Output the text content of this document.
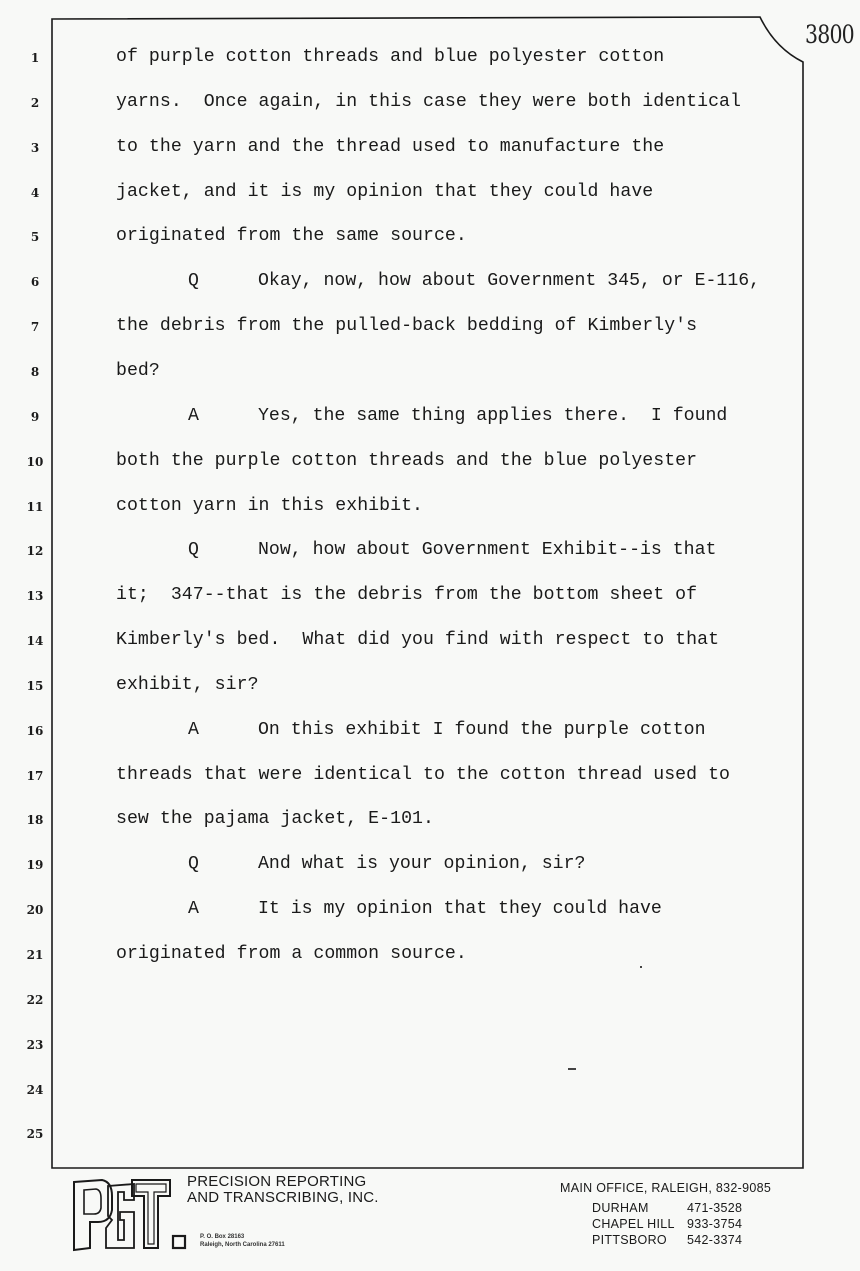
3800
1	of purple cotton threads and blue polyester cotton
2	yarns.  Once again, in this case they were both identical
3	to the yarn and the thread used to manufacture the
4	jacket, and it is my opinion that they could have
5	originated from the same source.
6	Q	Okay, now, how about Government 345, or E-116,
7	the debris from the pulled-back bedding of Kimberly's
8	bed?
9	A	Yes, the same thing applies there.  I found
10	both the purple cotton threads and the blue polyester
11	cotton yarn in this exhibit.
12	Q	Now, how about Government Exhibit--is that
13	it;  347--that is the debris from the bottom sheet of
14	Kimberly's bed.  What did you find with respect to that
15	exhibit, sir?
16	A	On this exhibit I found the purple cotton
17	threads that were identical to the cotton thread used to
18	sew the pajama jacket, E-101.
19	Q	And what is your opinion, sir?
20	A	It is my opinion that they could have
21	originated from a common source.
22
23
24
25
PRECISION REPORTING
AND TRANSCRIBING, INC.
P. O. Box 28163
Raleigh, North Carolina 27611
MAIN OFFICE, RALEIGH, 832-9085
DURHAM	471-3528
CHAPEL HILL 933-3754
PITTSBORO 542-3374
